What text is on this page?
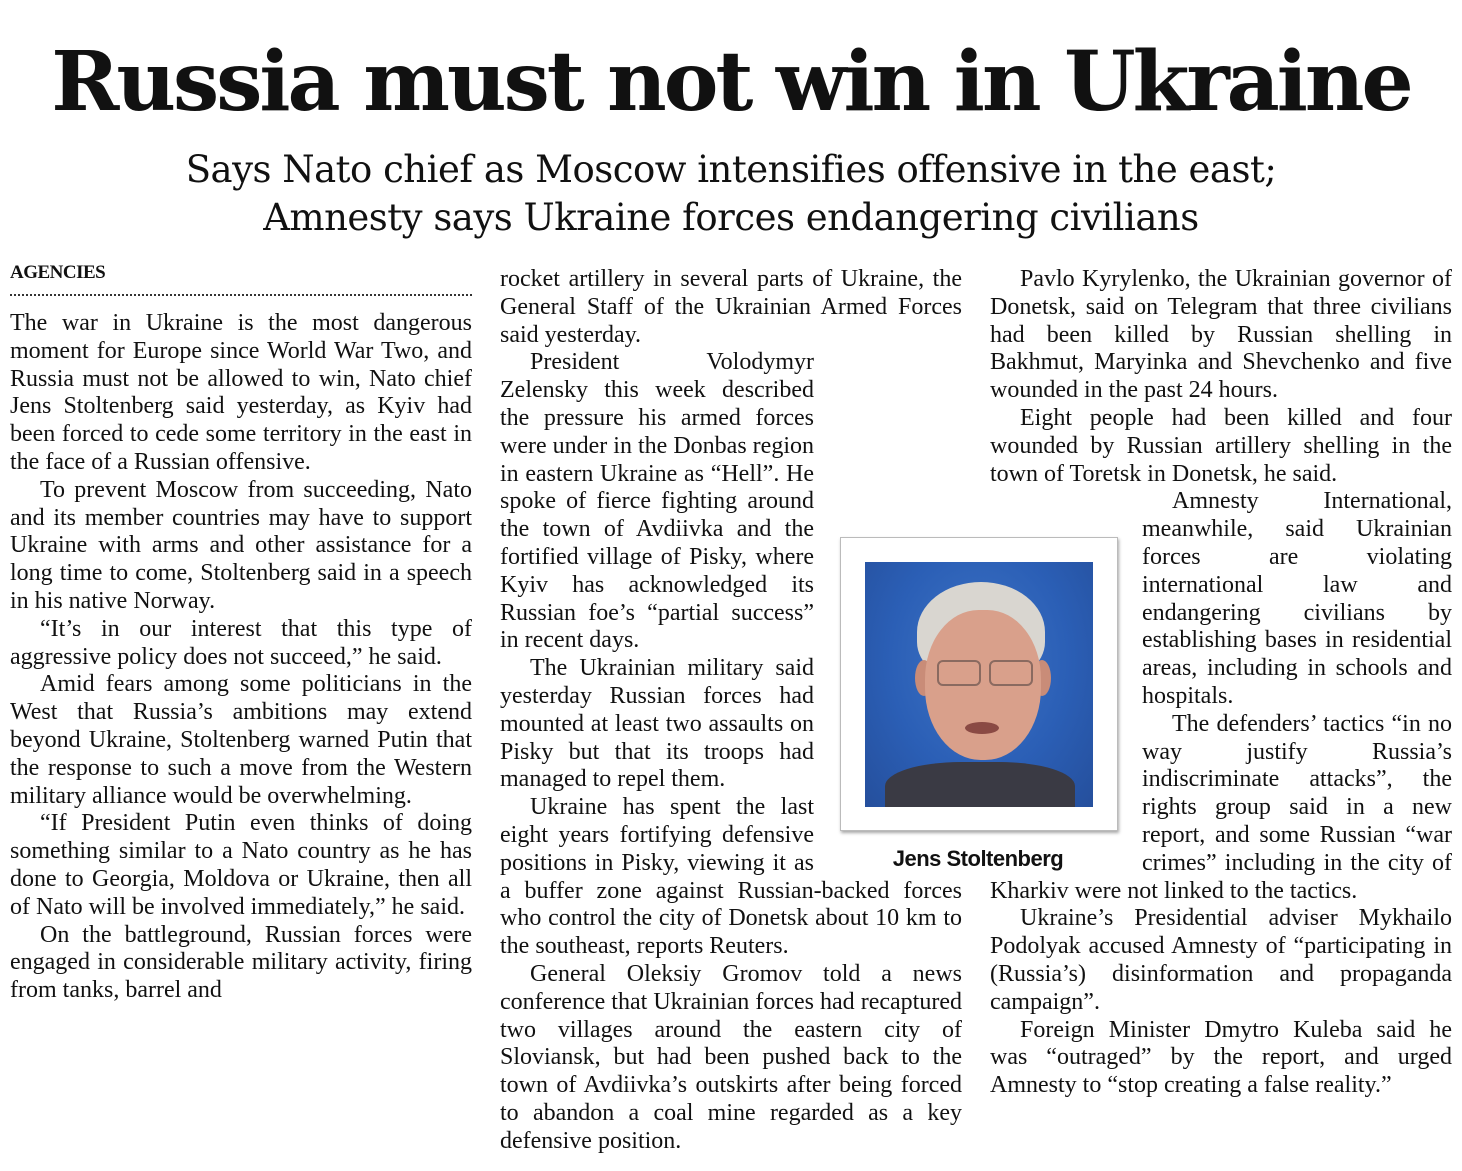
Russia must not win in Ukraine
Says Nato chief as Moscow intensifies offensive in the east;
Amnesty says Ukraine forces endangering civilians
AGENCIES

The war in Ukraine is the most dangerous moment for Europe since World War Two, and Russia must not be allowed to win, Nato chief Jens Stoltenberg said yesterday, as Kyiv had been forced to cede some territory in the east in the face of a Russian offensive.

To prevent Moscow from succeeding, Nato and its member countries may have to support Ukraine with arms and other assistance for a long time to come, Stoltenberg said in a speech in his native Norway.

“It’s in our interest that this type of aggressive policy does not succeed,” he said.

Amid fears among some politicians in the West that Russia’s ambitions may extend beyond Ukraine, Stoltenberg warned Putin that the response to such a move from the Western military alliance would be overwhelming.

“If President Putin even thinks of doing something similar to a Nato country as he has done to Georgia, Moldova or Ukraine, then all of Nato will be involved immediately,” he said.

On the battleground, Russian forces were engaged in considerable military activity, firing from tanks, barrel and

rocket artillery in several parts of Ukraine, the General Staff of the Ukrainian Armed Forces said yesterday.

President Volodymyr Zelensky this week described the pressure his armed forces were under in the Donbas region in eastern Ukraine as “Hell”. He spoke of fierce fighting around the town of Avdiivka and the fortified village of Pisky, where Kyiv has acknowledged its Russian foe’s “partial success” in recent days.

The Ukrainian military said yesterday Russian forces had mounted at least two assaults on Pisky but that its troops had managed to repel them.

Ukraine has spent the last eight years fortifying defensive positions in Pisky, viewing it as a buffer zone against Russian-backed forces who control the city of Donetsk about 10 km to the southeast, reports Reuters.

General Oleksiy Gromov told a news conference that Ukrainian forces had recaptured two villages around the eastern city of Sloviansk, but had been pushed back to the town of Avdiivka’s outskirts after being forced to abandon a coal mine regarded as a key defensive position.

Pavlo Kyrylenko, the Ukrainian governor of Donetsk, said on Telegram that three civilians had been killed by Russian shelling in Bakhmut, Maryinka and Shevchenko and five wounded in the past 24 hours.

Eight people had been killed and four wounded by Russian artillery shelling in the town of Toretsk in Donetsk, he said.

Amnesty International, meanwhile, said Ukrainian forces are violating international law and endangering civilians by establishing bases in residential areas, including in schools and hospitals.

The defenders’ tactics “in no way justify Russia’s indiscriminate attacks”, the rights group said in a new report, and some Russian “war crimes” including in the city of Kharkiv were not linked to the tactics.

Ukraine’s Presidential adviser Mykhailo Podolyak accused Amnesty of “participating in (Russia’s) disinformation and propaganda campaign”.

Foreign Minister Dmytro Kuleba said he was “outraged” by the report, and urged Amnesty to “stop creating a false reality.”

Jens Stoltenberg
